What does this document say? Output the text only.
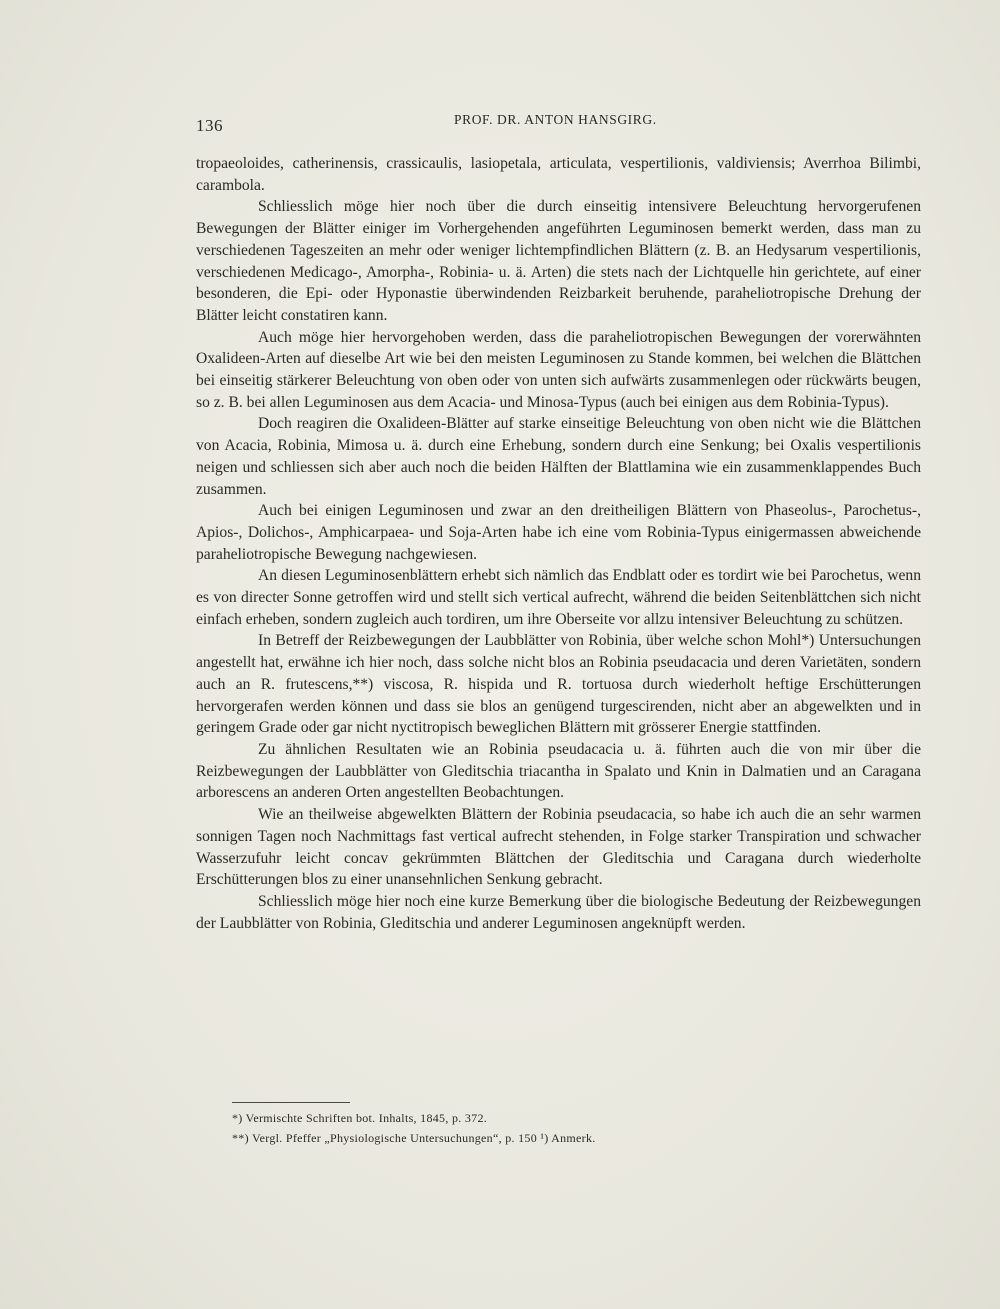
136	PROF. DR. ANTON HANSGIRG.

tropaeoloides, catherinensis, crassicaulis, lasiopetala, articulata, vespertilionis, valdiviensis; Averrhoa Bilimbi, carambola.

Schliesslich möge hier noch über die durch einseitig intensivere Beleuchtung hervorgerufenen Bewegungen der Blätter einiger im Vorhergehenden angeführten Leguminosen bemerkt werden, dass man zu verschiedenen Tageszeiten an mehr oder weniger lichtempfindlichen Blättern (z. B. an Hedysarum vespertilionis, verschiedenen Medicago-, Amorpha-, Robinia- u. ä. Arten) die stets nach der Lichtquelle hin gerichtete, auf einer besonderen, die Epi- oder Hyponastie überwindenden Reizbarkeit beruhende, paraheliotropische Drehung der Blätter leicht constatiren kann.

Auch möge hier hervorgehoben werden, dass die paraheliotropischen Bewegungen der vorerwähnten Oxalideen-Arten auf dieselbe Art wie bei den meisten Leguminosen zu Stande kommen, bei welchen die Blättchen bei einseitig stärkerer Beleuchtung von oben oder von unten sich aufwärts zusammenlegen oder rückwärts beugen, so z. B. bei allen Leguminosen aus dem Acacia- und Minosa-Typus (auch bei einigen aus dem Robinia-Typus).

Doch reagiren die Oxalideen-Blätter auf starke einseitige Beleuchtung von oben nicht wie die Blättchen von Acacia, Robinia, Mimosa u. ä. durch eine Erhebung, sondern durch eine Senkung; bei Oxalis vespertilionis neigen und schliessen sich aber auch noch die beiden Hälften der Blattlamina wie ein zusammenklappendes Buch zusammen.

Auch bei einigen Leguminosen und zwar an den dreitheiligen Blättern von Phaseolus-, Parochetus-, Apios-, Dolichos-, Amphicarpaea- und Soja-Arten habe ich eine vom Robinia-Typus einigermassen abweichende paraheliotropische Bewegung nachgewiesen.

An diesen Leguminosenblättern erhebt sich nämlich das Endblatt oder es tordirt wie bei Parochetus, wenn es von directer Sonne getroffen wird und stellt sich vertical aufrecht, während die beiden Seitenblättchen sich nicht einfach erheben, sondern zugleich auch tordiren, um ihre Oberseite vor allzu intensiver Beleuchtung zu schützen.

In Betreff der Reizbewegungen der Laubblätter von Robinia, über welche schon Mohl*) Untersuchungen angestellt hat, erwähne ich hier noch, dass solche nicht blos an Robinia pseudacacia und deren Varietäten, sondern auch an R. frutescens,**) viscosa, R. hispida und R. tortuosa durch wiederholt heftige Erschütterungen hervorgerafen werden können und dass sie blos an genügend turgescirenden, nicht aber an abgewelkten und in geringem Grade oder gar nicht nyctitropisch beweglichen Blättern mit grösserer Energie stattfinden.

Zu ähnlichen Resultaten wie an Robinia pseudacacia u. ä. führten auch die von mir über die Reizbewegungen der Laubblätter von Gleditschia triacantha in Spalato und Knin in Dalmatien und an Caragana arborescens an anderen Orten angestellten Beobachtungen.

Wie an theilweise abgewelkten Blättern der Robinia pseudacacia, so habe ich auch die an sehr warmen sonnigen Tagen noch Nachmittags fast vertical aufrecht stehenden, in Folge starker Transpiration und schwacher Wasserzufuhr leicht concav gekrümmten Blättchen der Gleditschia und Caragana durch wiederholte Erschütterungen blos zu einer unansehnlichen Senkung gebracht.

Schliesslich möge hier noch eine kurze Bemerkung über die biologische Bedeutung der Reizbewegungen der Laubblätter von Robinia, Gleditschia und anderer Leguminosen angeknüpft werden.

*) Vermischte Schriften bot. Inhalts, 1845, p. 372.
**) Vergl. Pfeffer „Physiologische Untersuchungen“, p. 150 ¹) Anmerk.
